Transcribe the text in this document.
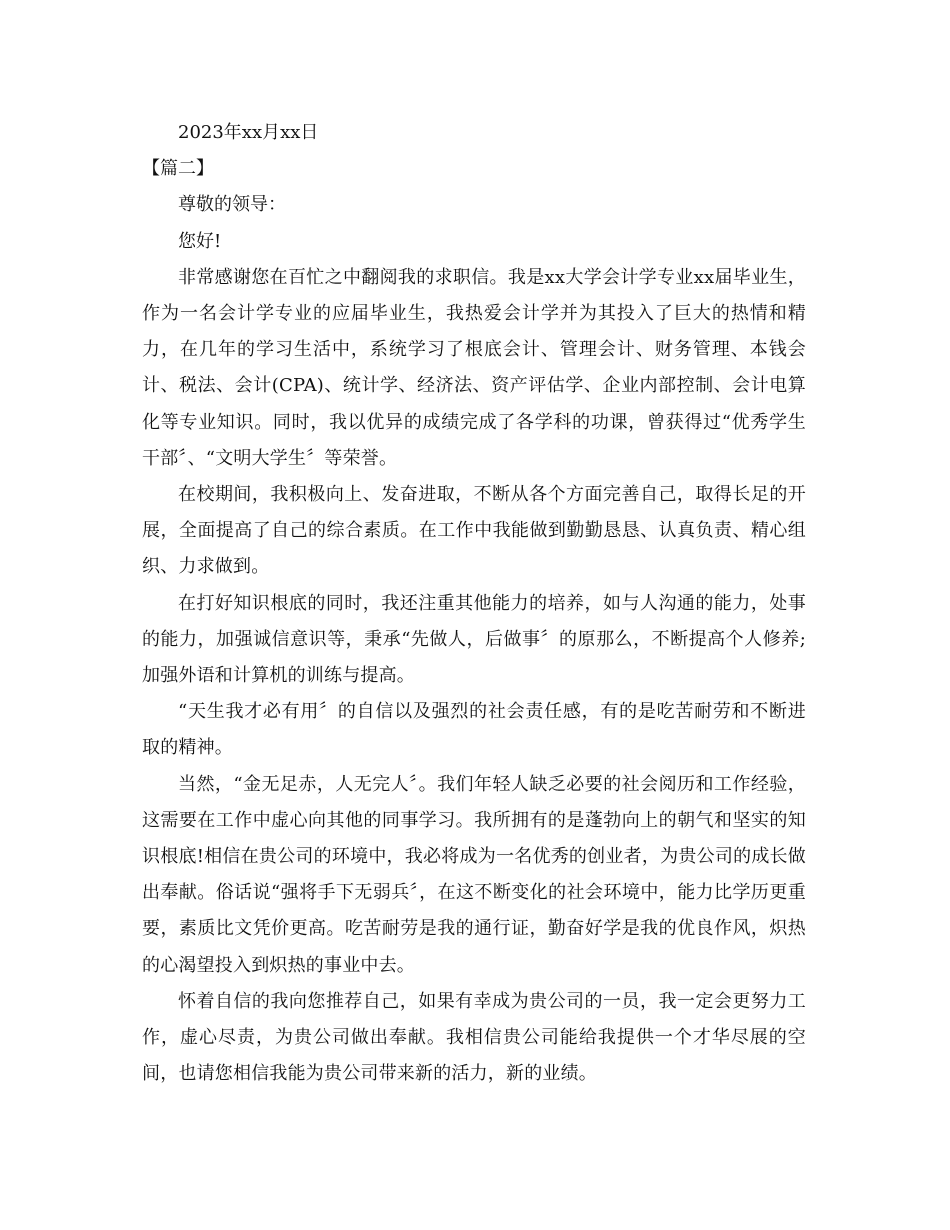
2023年xx月xx日

【篇二】

尊敬的领导：

您好!

非常感谢您在百忙之中翻阅我的求职信。我是xx大学会计学专业xx届毕业生，作为一名会计学专业的应届毕业生，我热爱会计学并为其投入了巨大的热情和精力，在几年的学习生活中，系统学习了根底会计、管理会计、财务管理、本钱会计、税法、会计(CPA)、统计学、经济法、资产评估学、企业内部控制、会计电算化等专业知识。同时，我以优异的成绩完成了各学科的功课，曾获得过“优秀学生干部〞、“文明大学生〞等荣誉。

在校期间，我积极向上、发奋进取，不断从各个方面完善自己，取得长足的开展，全面提高了自己的综合素质。在工作中我能做到勤勤恳恳、认真负责、精心组织、力求做到。

在打好知识根底的同时，我还注重其他能力的培养，如与人沟通的能力，处事的能力，加强诚信意识等，秉承“先做人，后做事〞的原那么，不断提高个人修养;加强外语和计算机的训练与提高。

“天生我才必有用〞的自信以及强烈的社会责任感，有的是吃苦耐劳和不断进取的精神。

当然，“金无足赤，人无完人〞。我们年轻人缺乏必要的社会阅历和工作经验，这需要在工作中虚心向其他的同事学习。我所拥有的是蓬勃向上的朝气和坚实的知识根底!相信在贵公司的环境中，我必将成为一名优秀的创业者，为贵公司的成长做出奉献。俗话说“强将手下无弱兵〞，在这不断变化的社会环境中，能力比学历更重要，素质比文凭价更高。吃苦耐劳是我的通行证，勤奋好学是我的优良作风，炽热的心渴望投入到炽热的事业中去。

怀着自信的我向您推荐自己，如果有幸成为贵公司的一员，我一定会更努力工作，虚心尽责，为贵公司做出奉献。我相信贵公司能给我提供一个才华尽展的空间，也请您相信我能为贵公司带来新的活力，新的业绩。
